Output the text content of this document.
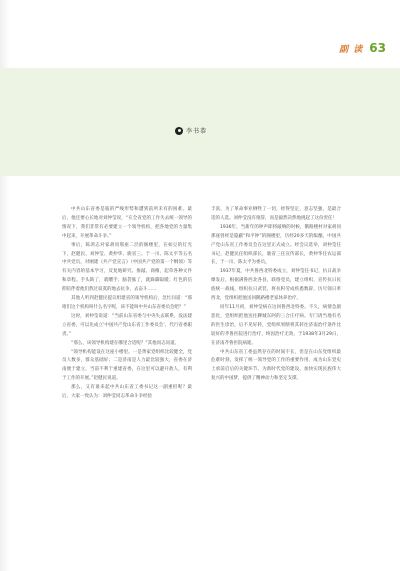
副 读 63
李书恭

中共山东省委是临的严峻形势和遭到前所未有的困难。最后，他还要心长地对刘仲莹说，“在全省党的工作失去统一领导的情况下，我们非常有必要建立一个领导机构，把各地党的力量集中起来，开展革命斗争。”

事后，陈鸿志对家胡同那座二层的阁楼里，在如豆的灯光下，赵健民、刘仲莹、黄仲华、鹿省三、于一川、陈太平等五名中共党员，对刚建《共产党宣言》（中国共产党的第一个纲领）等有关内容的基本学习，反复地研究、推敲、商榷，起草各种文件和章程。手头缺了，就嚼手；脑袋胀了，就跺脚取暖；红色的信仰陪伴着他们熬过寂寞的地去抗争、去奋斗……

其他人听到赵健民提议组建省的领导机构后，急忙问道：“那咱们这个机构叫什么名字呢，该不能叫中共山东省委员会吧？”

这时，刘仲莹说道：“当前山东省委与中央失去联系，没法建立省委，可以先成立‘中国共产党山东省工作委员会’，代行省委职责。”

“那么，该领导机构建在哪里合适呢？”其他同志问道。

“领导机构能设在这座小楼里。一是黄家党组织比较健全，党员人数多，群众基础好；二是济南是人力最比较强大，省委在济南便于建立，当前不利于重建省委，在这里可以避开敌人，有利于工作的开展。”赵健民说道。

那么，又有谁来起中共山东省工委书记这一副重担呢？最后，大家一致认为：刘仲莹同志革命斗争经验

丰富，为了革命事业牺牲了一切，经得坚定，意志坚强，是最合适的人选。刘仲莹没有推辞，而是毅然决然地挑起了这份责任！

1936年，当新年的钟声即将敲响的时候，鹅路楼村对家胡同那座曾经是隐蔽“和平钟”的阁楼里，历经20多天的酝酿，中国共产党山东省工作委员会在这里正式成立。经会议选举，刘仲莹任书记，赵健民任组织部长，鹿省三任宣传部长，黄仲华任农运部长，于一川、陈太平为委员。

1937年夏，中共鲁西北特委成立，刘仲莹任书记，抗日战争爆发后，根据满鲁西北各县、联络党员，建立组织，宣传抗日民族统一战线，组织抗日武装，将抗积劳成疾悉数辟，历尽领日革西北，党组织把他送回鹅路楼老家休养治疗。

同年11月初，刘仲莹病在这回鲁西北特委。不久，病情急剧恶化，党组织把他送往聊城东阿的三合庄疗病。专门请当地有名的医生诊治，后不见好转，党组织果断将其转往济南治疗条件比较好的齐鲁医院进行治疗，终因治疗无效，于1938年3月29日，在济南齐鲁医院病逝。

中共山东省工委虽然存在的时间不长，但是在山东党组织最危难时刻，发挥了统一领导党的工作的重要作用，成为山东党史上承前启后的关键环节。为新时代党的建设，加快实现民族伟大复兴的中国梦，提供了精神动力和坚定支撑。
